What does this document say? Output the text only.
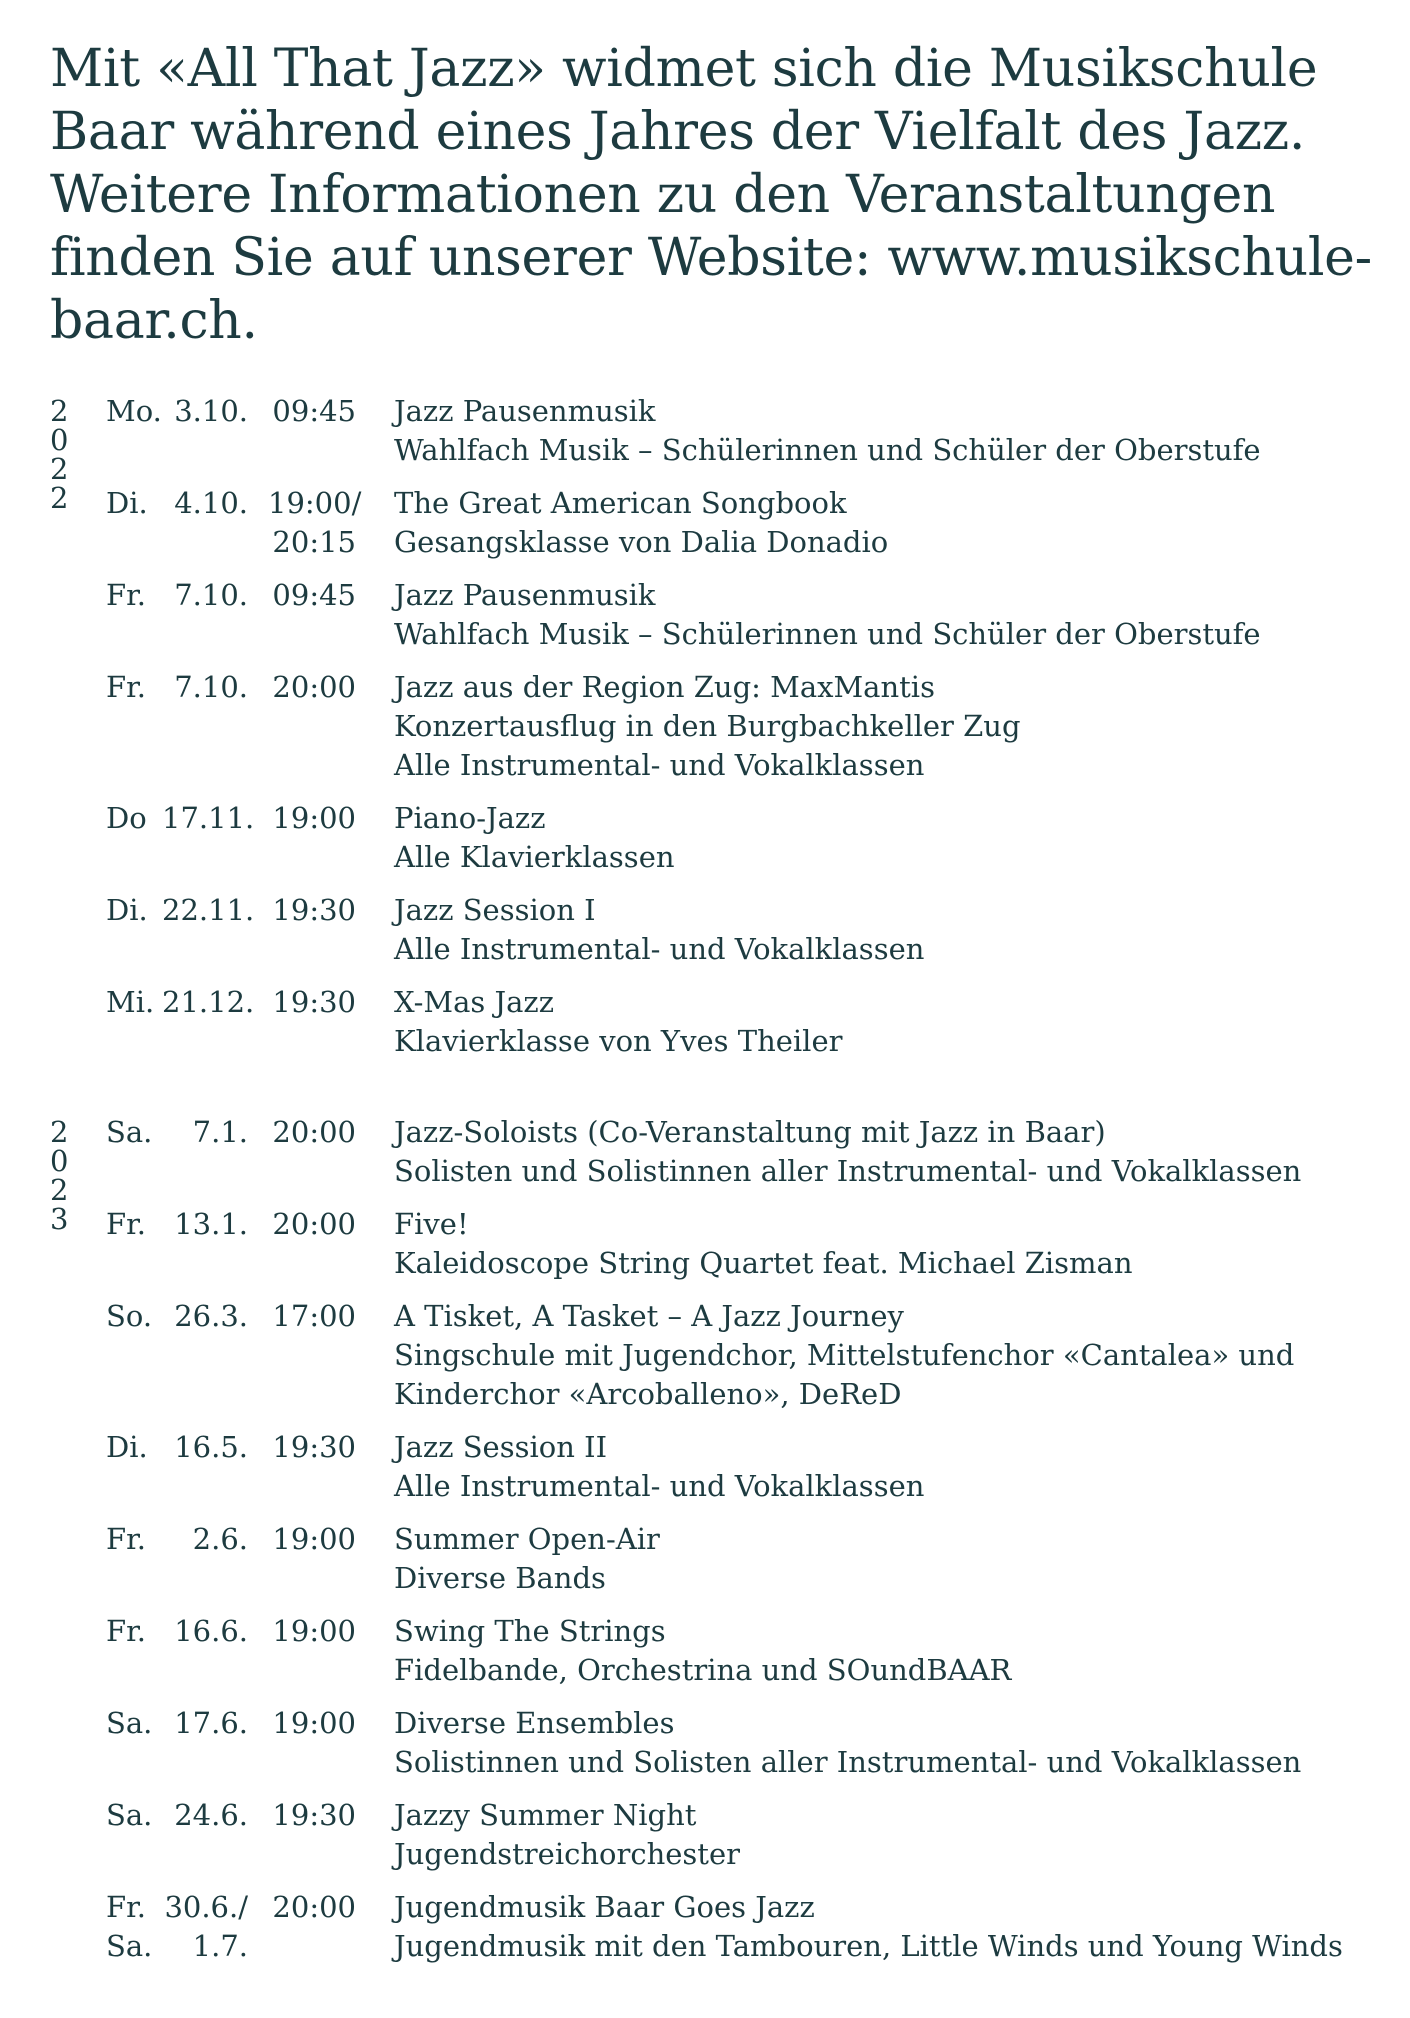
Mit «All That Jazz» widmet sich die Musikschule Baar während eines Jahres der Vielfalt des Jazz. Weitere Informationen zu den Veranstaltungen finden Sie auf unserer Website: www.musikschule-baar.ch.

2
0
2
2
Mo. 3.10. 09:45 Jazz Pausenmusik
Wahlfach Musik – Schülerinnen und Schüler der Oberstufe
Di. 4.10. 19:00/
20:15
The Great American Songbook
Gesangsklasse von Dalia Donadio
Fr. 7.10. 09:45 Jazz Pausenmusik
Wahlfach Musik – Schülerinnen und Schüler der Oberstufe
Fr. 7.10. 20:00 Jazz aus der Region Zug: MaxMantis
Konzertausflug in den Burgbachkeller Zug
Alle Instrumental- und Vokalklassen
Do 17.11. 19:00 Piano-Jazz
Alle Klavierklassen
Di. 22.11. 19:30 Jazz Session I
Alle Instrumental- und Vokalklassen
Mi. 21.12. 19:30 X-Mas Jazz
Klavierklasse von Yves Theiler
2
0
2
3
Sa.	7.1. 20:00 Jazz-Soloists (Co-Veranstaltung mit Jazz in Baar)
Solisten und Solistinnen aller Instrumental- und Vokalklassen
Fr. 13.1. 20:00 Five!
Kaleidoscope String Quartet feat. Michael Zisman
So. 26.3. 17:00 A Tisket, A Tasket – A Jazz Journey
Singschule mit Jugendchor, Mittelstufenchor «Cantalea» und
Kinderchor «Arcoballeno», DeReD
Di. 16.5. 19:30 Jazz Session II
Alle Instrumental- und Vokalklassen
Fr.	2.6. 19:00 Summer Open-Air
Diverse Bands
Fr. 16.6. 19:00 Swing The Strings
Fidelbande, Orchestrina und SOundBAAR
Sa. 17.6. 19:00 Diverse Ensembles
Solistinnen und Solisten aller Instrumental- und Vokalklassen
Sa. 24.6. 19:30 Jazzy Summer Night
Jugendstreichorchester
Fr.
Sa.
30.6./
1.7.
20:00 Jugendmusik Baar Goes Jazz
Jugendmusik mit den Tambouren, Little Winds und Young Winds
